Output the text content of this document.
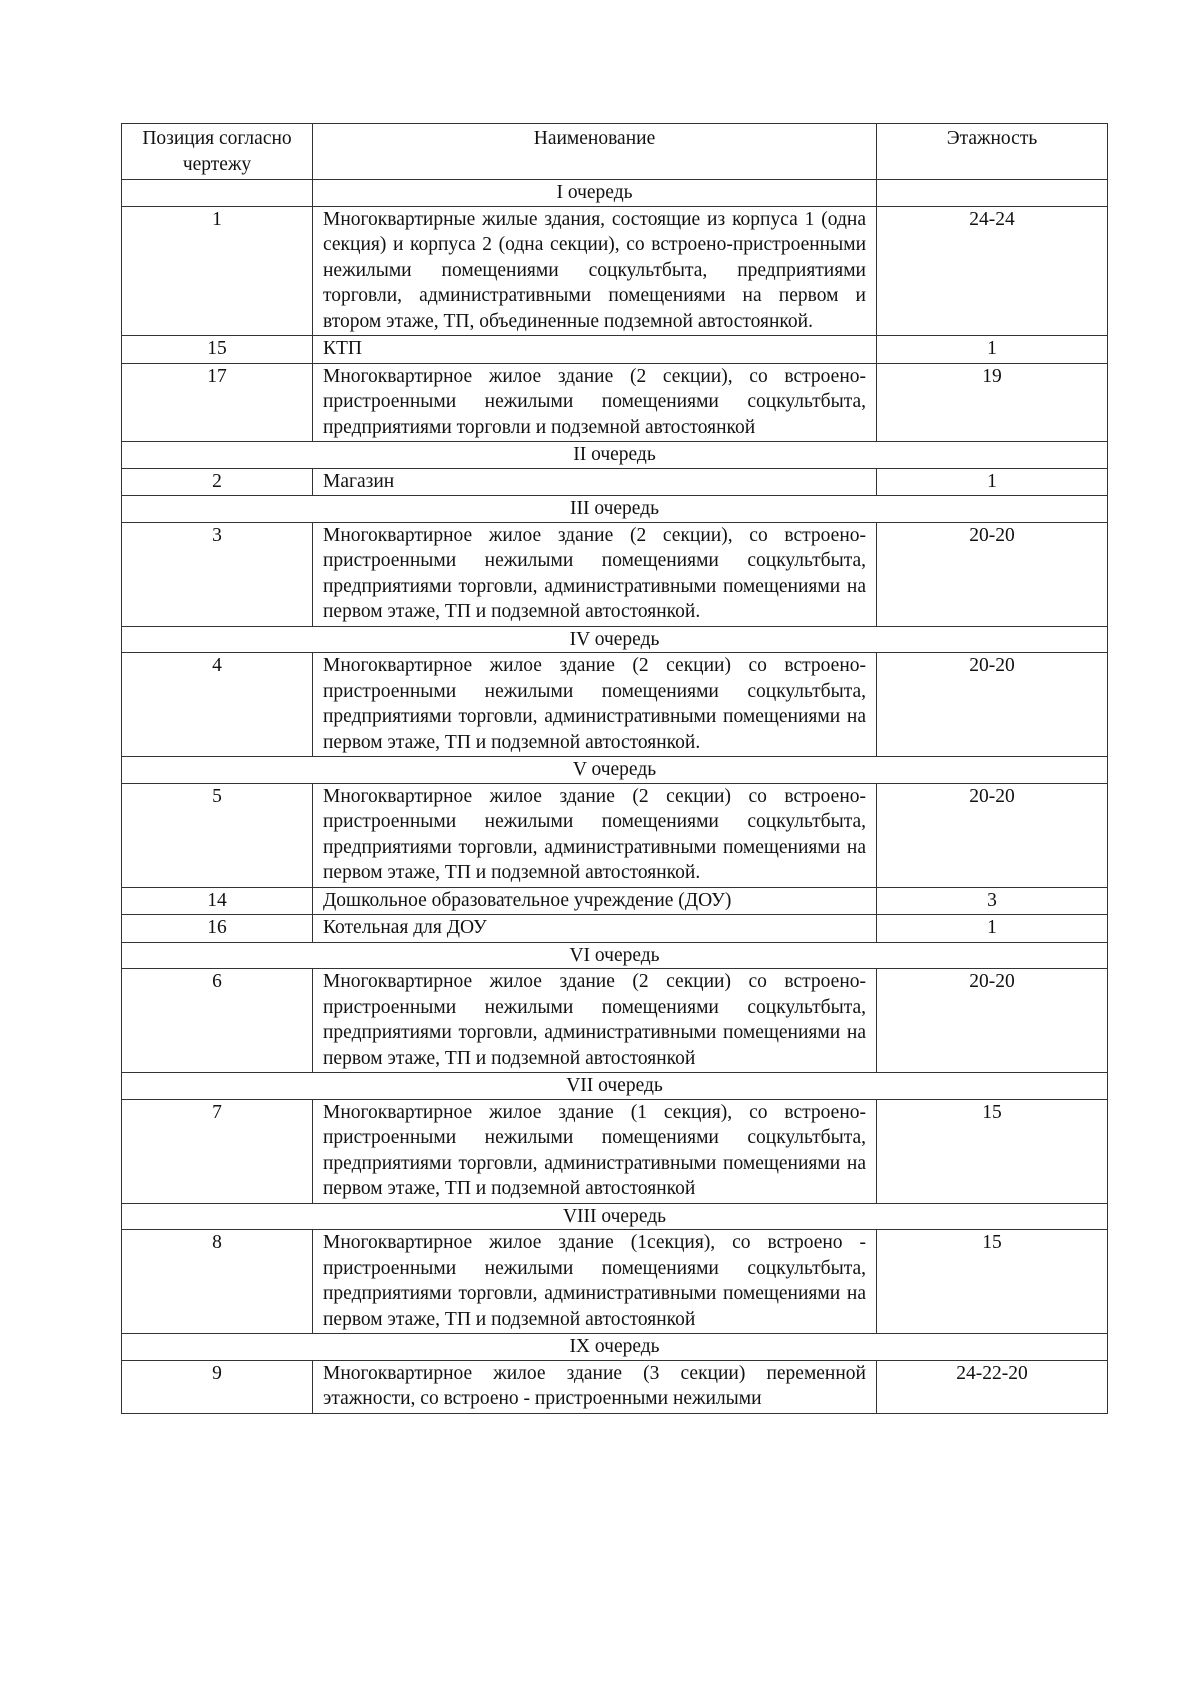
Позиция согласно чертежу	Наименование	Этажность
	I очередь	
1	Многоквартирные жилые здания, состоящие из корпуса 1 (одна секция) и корпуса 2 (одна секции), со встроено-пристроенными нежилыми помещениями соцкультбыта, предприятиями торговли, административными помещениями на первом и втором этаже, ТП, объединенные подземной автостоянкой.	24-24
15	КТП	1
17	Многоквартирное жилое здание (2 секции), со встроено-пристроенными нежилыми помещениями соцкультбыта, предприятиями торговли и подземной автостоянкой	19
II очередь		
2	Магазин	1
III очередь		
3	Многоквартирное жилое здание (2 секции), со встроено-пристроенными нежилыми помещениями соцкультбыта, предприятиями торговли, административными помещениями на первом этаже, ТП и подземной автостоянкой.	20-20
IV очередь		
4	Многоквартирное жилое здание (2 секции) со встроено-пристроенными нежилыми помещениями соцкультбыта, предприятиями торговли, административными помещениями на первом этаже, ТП и подземной автостоянкой.	20-20
V очередь		
5	Многоквартирное жилое здание (2 секции) со встроено-пристроенными нежилыми помещениями соцкультбыта, предприятиями торговли, административными помещениями на первом этаже, ТП и подземной автостоянкой.	20-20
14	Дошкольное образовательное учреждение (ДОУ)	3
16	Котельная для ДОУ	1
VI очередь		
6	Многоквартирное жилое здание (2 секции) со встроено-пристроенными нежилыми помещениями соцкультбыта, предприятиями торговли, административными помещениями на первом этаже, ТП и подземной автостоянкой	20-20
VII очередь		
7	Многоквартирное жилое здание (1 секция), со встроено-пристроенными нежилыми помещениями соцкультбыта, предприятиями торговли, административными помещениями на первом этаже, ТП и подземной автостоянкой	15
VIII очередь		
8	Многоквартирное жилое здание (1секция), со встроено - пристроенными нежилыми помещениями соцкультбыта, предприятиями торговли, административными помещениями на первом этаже, ТП и подземной автостоянкой	15
IX очередь		
9	Многоквартирное жилое здание (3 секции) переменной этажности, со встроено - пристроенными нежилыми	24-22-20
